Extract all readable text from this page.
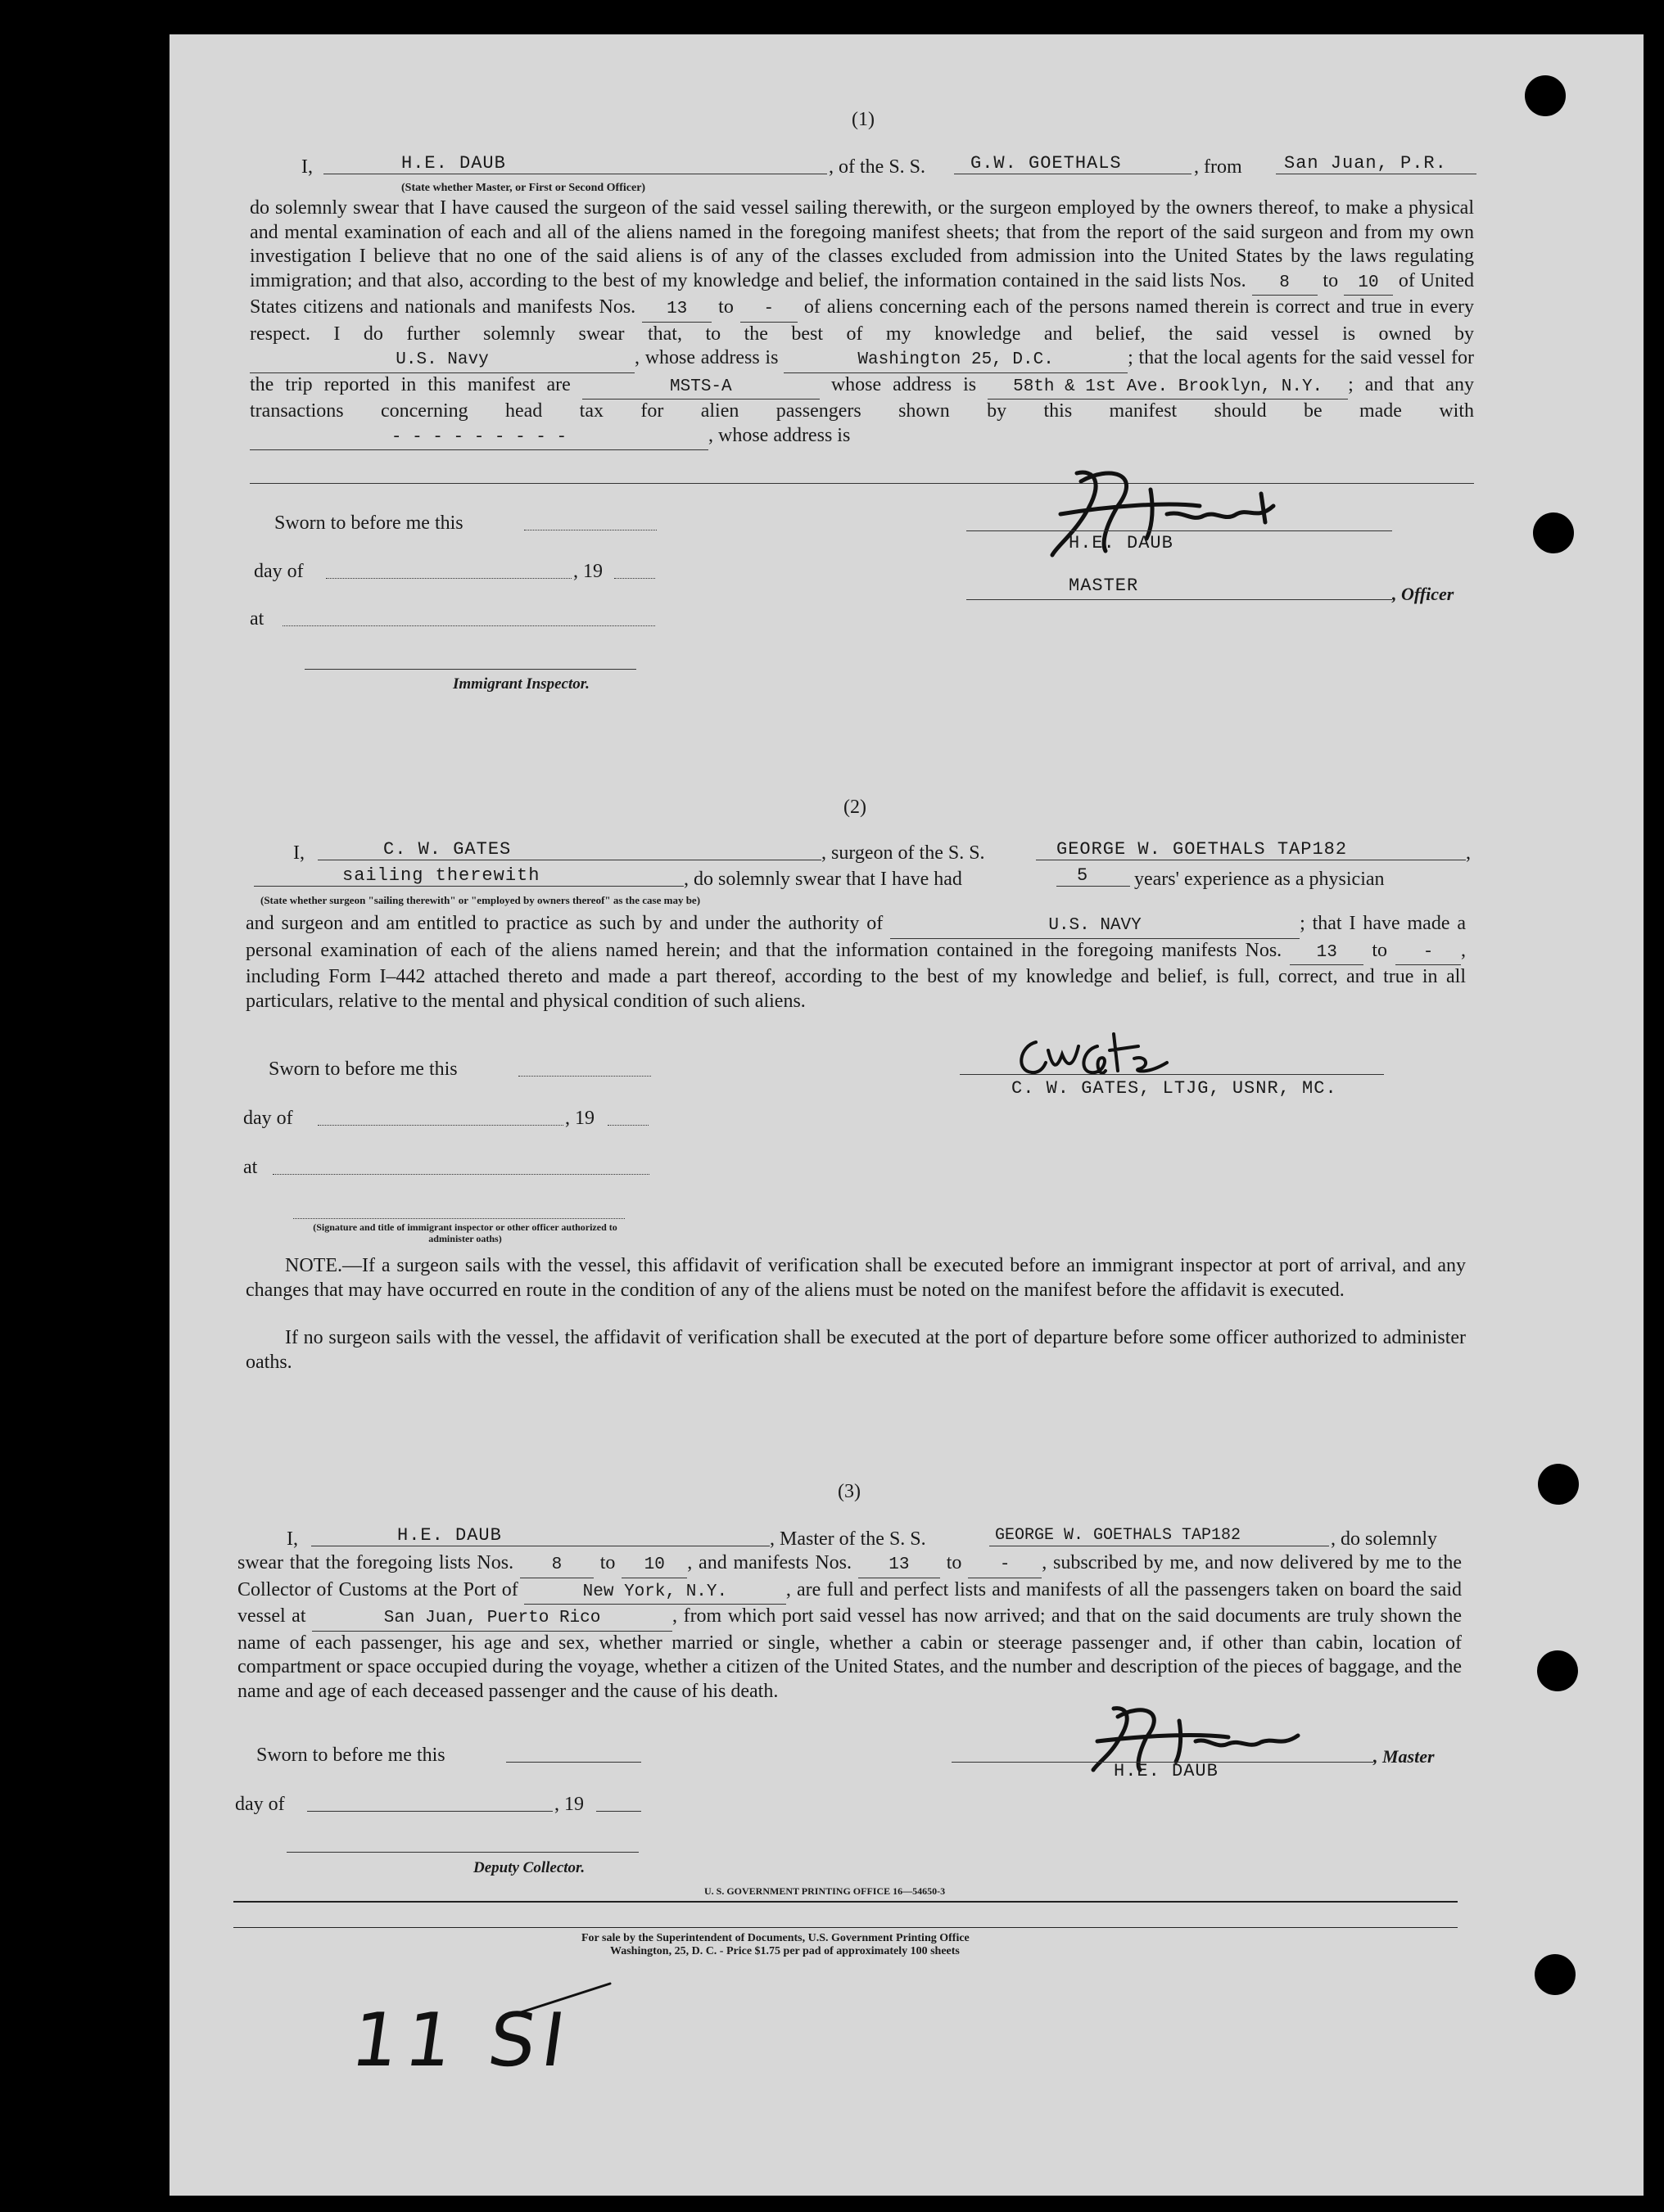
(1)
I,	H.E. DAUB
(State whether Master, or First or Second Officer)
, of the S. S. G.W. GOETHALS	, from San Juan, P.R.
do solemnly swear that I have caused the surgeon of the said vessel sailing therewith, or the surgeon employed by the owners thereof, to make a physical and mental examination of each and all of the aliens named in the foregoing manifest sheets; that from the report of the said surgeon and from my own investigation I believe that no one of the said aliens is of any of the classes excluded from admission into the United States by the laws regulating immigration; and that also, according to the best of my knowledge and belief, the information contained in the said lists Nos. 8 to 10 of United States citizens and nationals and manifests Nos. 13 to - of aliens concerning each of the persons named therein is correct and true in every respect. I do further solemnly swear that, to the best of my knowledge and belief, the said vessel is owned by U.S. Navy	, whose address is	Washington 25, D.C.	; that the local agents for the said vessel for the trip reported in this manifest are	MSTS-A	whose address is 58th & 1st Ave. Brooklyn, N.Y. ; and that any transactions concerning head tax for alien passengers shown by this manifest should be made with - - - - - - - - -	, whose address is
Sworn to before me this
day of	, 19
at
Immigrant Inspector.
H.E. DAUB
MASTER	, Officer
(2)
I,	C. W. GATES	, surgeon of the S. S.	GEORGE W. GOETHALS TAP182	,
sailing therewith
(State whether surgeon "sailing therewith" or "employed by owners thereof" as the case may be)
, do solemnly swear that I have had	5 years' experience as a physician
and surgeon and am entitled to practice as such by and under the authority of	U.S. NAVY	; that I have made a personal examination of each of the aliens named herein; and that the information contained in the foregoing manifests Nos. 13 to - , including Form I–442 attached thereto and made a part thereof, according to the best of my knowledge and belief, is full, correct, and true in all particulars, relative to the mental and physical condition of such aliens.
Sworn to before me this
day of	, 19
at
(Signature and title of immigrant inspector or other officer authorized to administer oaths)
C. W. GATES, LTJG, USNR, MC.
NOTE.—If a surgeon sails with the vessel, this affidavit of verification shall be executed before an immigrant inspector at port of arrival, and any changes that may have occurred en route in the condition of any of the aliens must be noted on the manifest before the affidavit is executed.
If no surgeon sails with the vessel, the affidavit of verification shall be executed at the port of departure before some officer authorized to administer oaths.
(3)
I,	H.E. DAUB	, Master of the S. S.	GEORGE W. GOETHALS TAP182	, do solemnly
swear that the foregoing lists Nos. 8 to 10 , and manifests Nos. 13 to - , subscribed by me, and now delivered by me to the Collector of Customs at the Port of	New York, N.Y.	, are full and perfect lists and manifests of all the passengers taken on board the said vessel at	San Juan, Puerto Rico	, from which port said vessel has now arrived; and that on the said documents are truly shown the name of each passenger, his age and sex, whether married or single, whether a cabin or steerage passenger and, if other than cabin, location of compartment or space occupied during the voyage, whether a citizen of the United States, and the number and description of the pieces of baggage, and the name and age of each deceased passenger and the cause of his death.
Sworn to before me this
day of	, 19
Deputy Collector.
H.E. DAUB
, Master
U. S. GOVERNMENT PRINTING OFFICE 16—54650-3
For sale by the Superintendent of Documents, U.S. Government Printing Office
Washington, 25, D. C. - Price $1.75 per pad of approximately 100 sheets
11 SI
